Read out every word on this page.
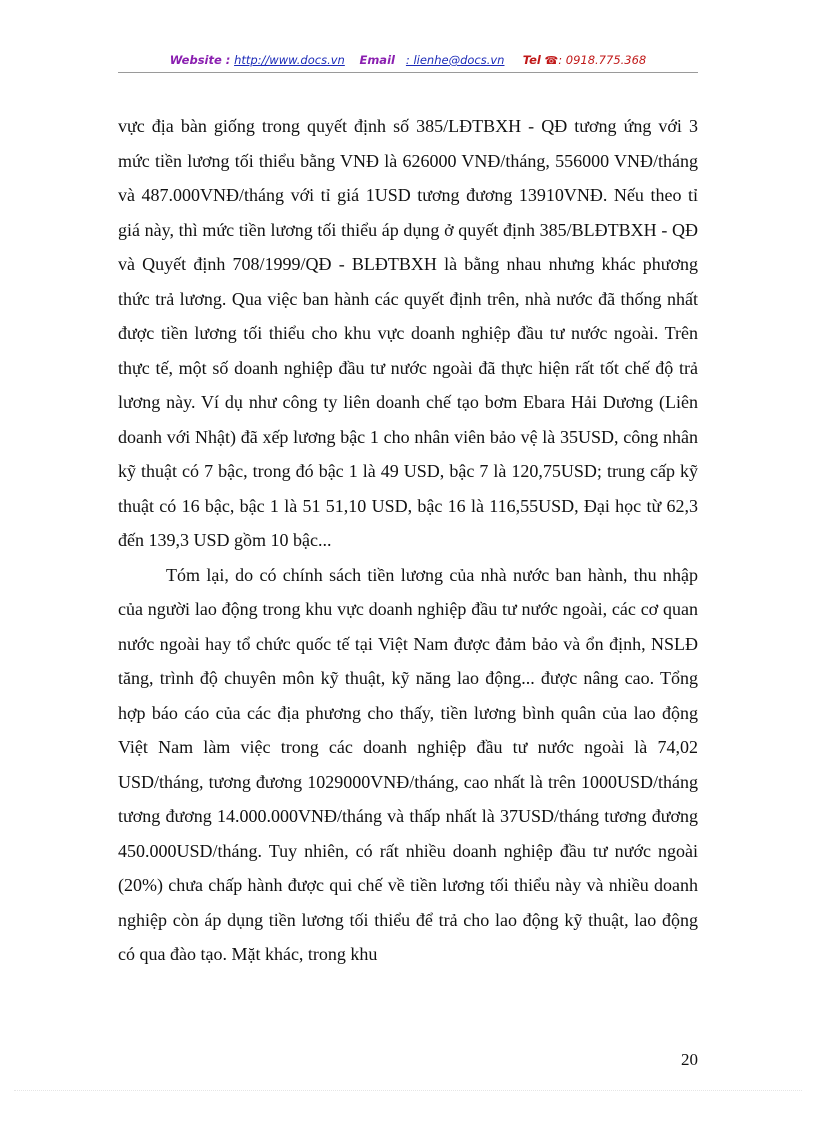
Website : http://www.docs.vn Email : lienhe@docs.vn Tel ☎: 0918.775.368

vực địa bàn giống trong quyết định số 385/LĐTBXH - QĐ tương ứng với 3 mức tiền lương tối thiểu bằng VNĐ là 626000 VNĐ/tháng, 556000 VNĐ/tháng và 487.000VNĐ/tháng với tỉ giá 1USD tương đương 13910VNĐ. Nếu theo tỉ giá này, thì mức tiền lương tối thiểu áp dụng ở quyết định 385/BLĐTBXH - QĐ và Quyết định 708/1999/QĐ - BLĐTBXH là bằng nhau nhưng khác phương thức trả lương. Qua việc ban hành các quyết định trên, nhà nước đã thống nhất được tiền lương tối thiểu cho khu vực doanh nghiệp đầu tư nước ngoài. Trên thực tế, một số doanh nghiệp đầu tư nước ngoài đã thực hiện rất tốt chế độ trả lương này. Ví dụ như công ty liên doanh chế tạo bơm Ebara Hải Dương (Liên doanh với Nhật) đã xếp lương bậc 1 cho nhân viên bảo vệ là 35USD, công nhân kỹ thuật có 7 bậc, trong đó bậc 1 là 49 USD, bậc 7 là 120,75USD; trung cấp kỹ thuật có 16 bậc, bậc 1 là 51 51,10 USD, bậc 16 là 116,55USD, Đại học từ 62,3 đến 139,3 USD gồm 10 bậc...

Tóm lại, do có chính sách tiền lương của nhà nước ban hành, thu nhập của người lao động trong khu vực doanh nghiệp đầu tư nước ngoài, các cơ quan nước ngoài hay tổ chức quốc tế tại Việt Nam được đảm bảo và ổn định, NSLĐ tăng, trình độ chuyên môn kỹ thuật, kỹ năng lao động... được nâng cao. Tổng hợp báo cáo của các địa phương cho thấy, tiền lương bình quân của lao động Việt Nam làm việc trong các doanh nghiệp đầu tư nước ngoài là 74,02 USD/tháng, tương đương 1029000VNĐ/tháng, cao nhất là trên 1000USD/tháng tương đương 14.000.000VNĐ/tháng và thấp nhất là 37USD/tháng tương đương 450.000USD/tháng. Tuy nhiên, có rất nhiều doanh nghiệp đầu tư nước ngoài (20%) chưa chấp hành được qui chế về tiền lương tối thiểu này và nhiều doanh nghiệp còn áp dụng tiền lương tối thiểu để trả cho lao động kỹ thuật, lao động có qua đào tạo. Mặt khác, trong khu

20
